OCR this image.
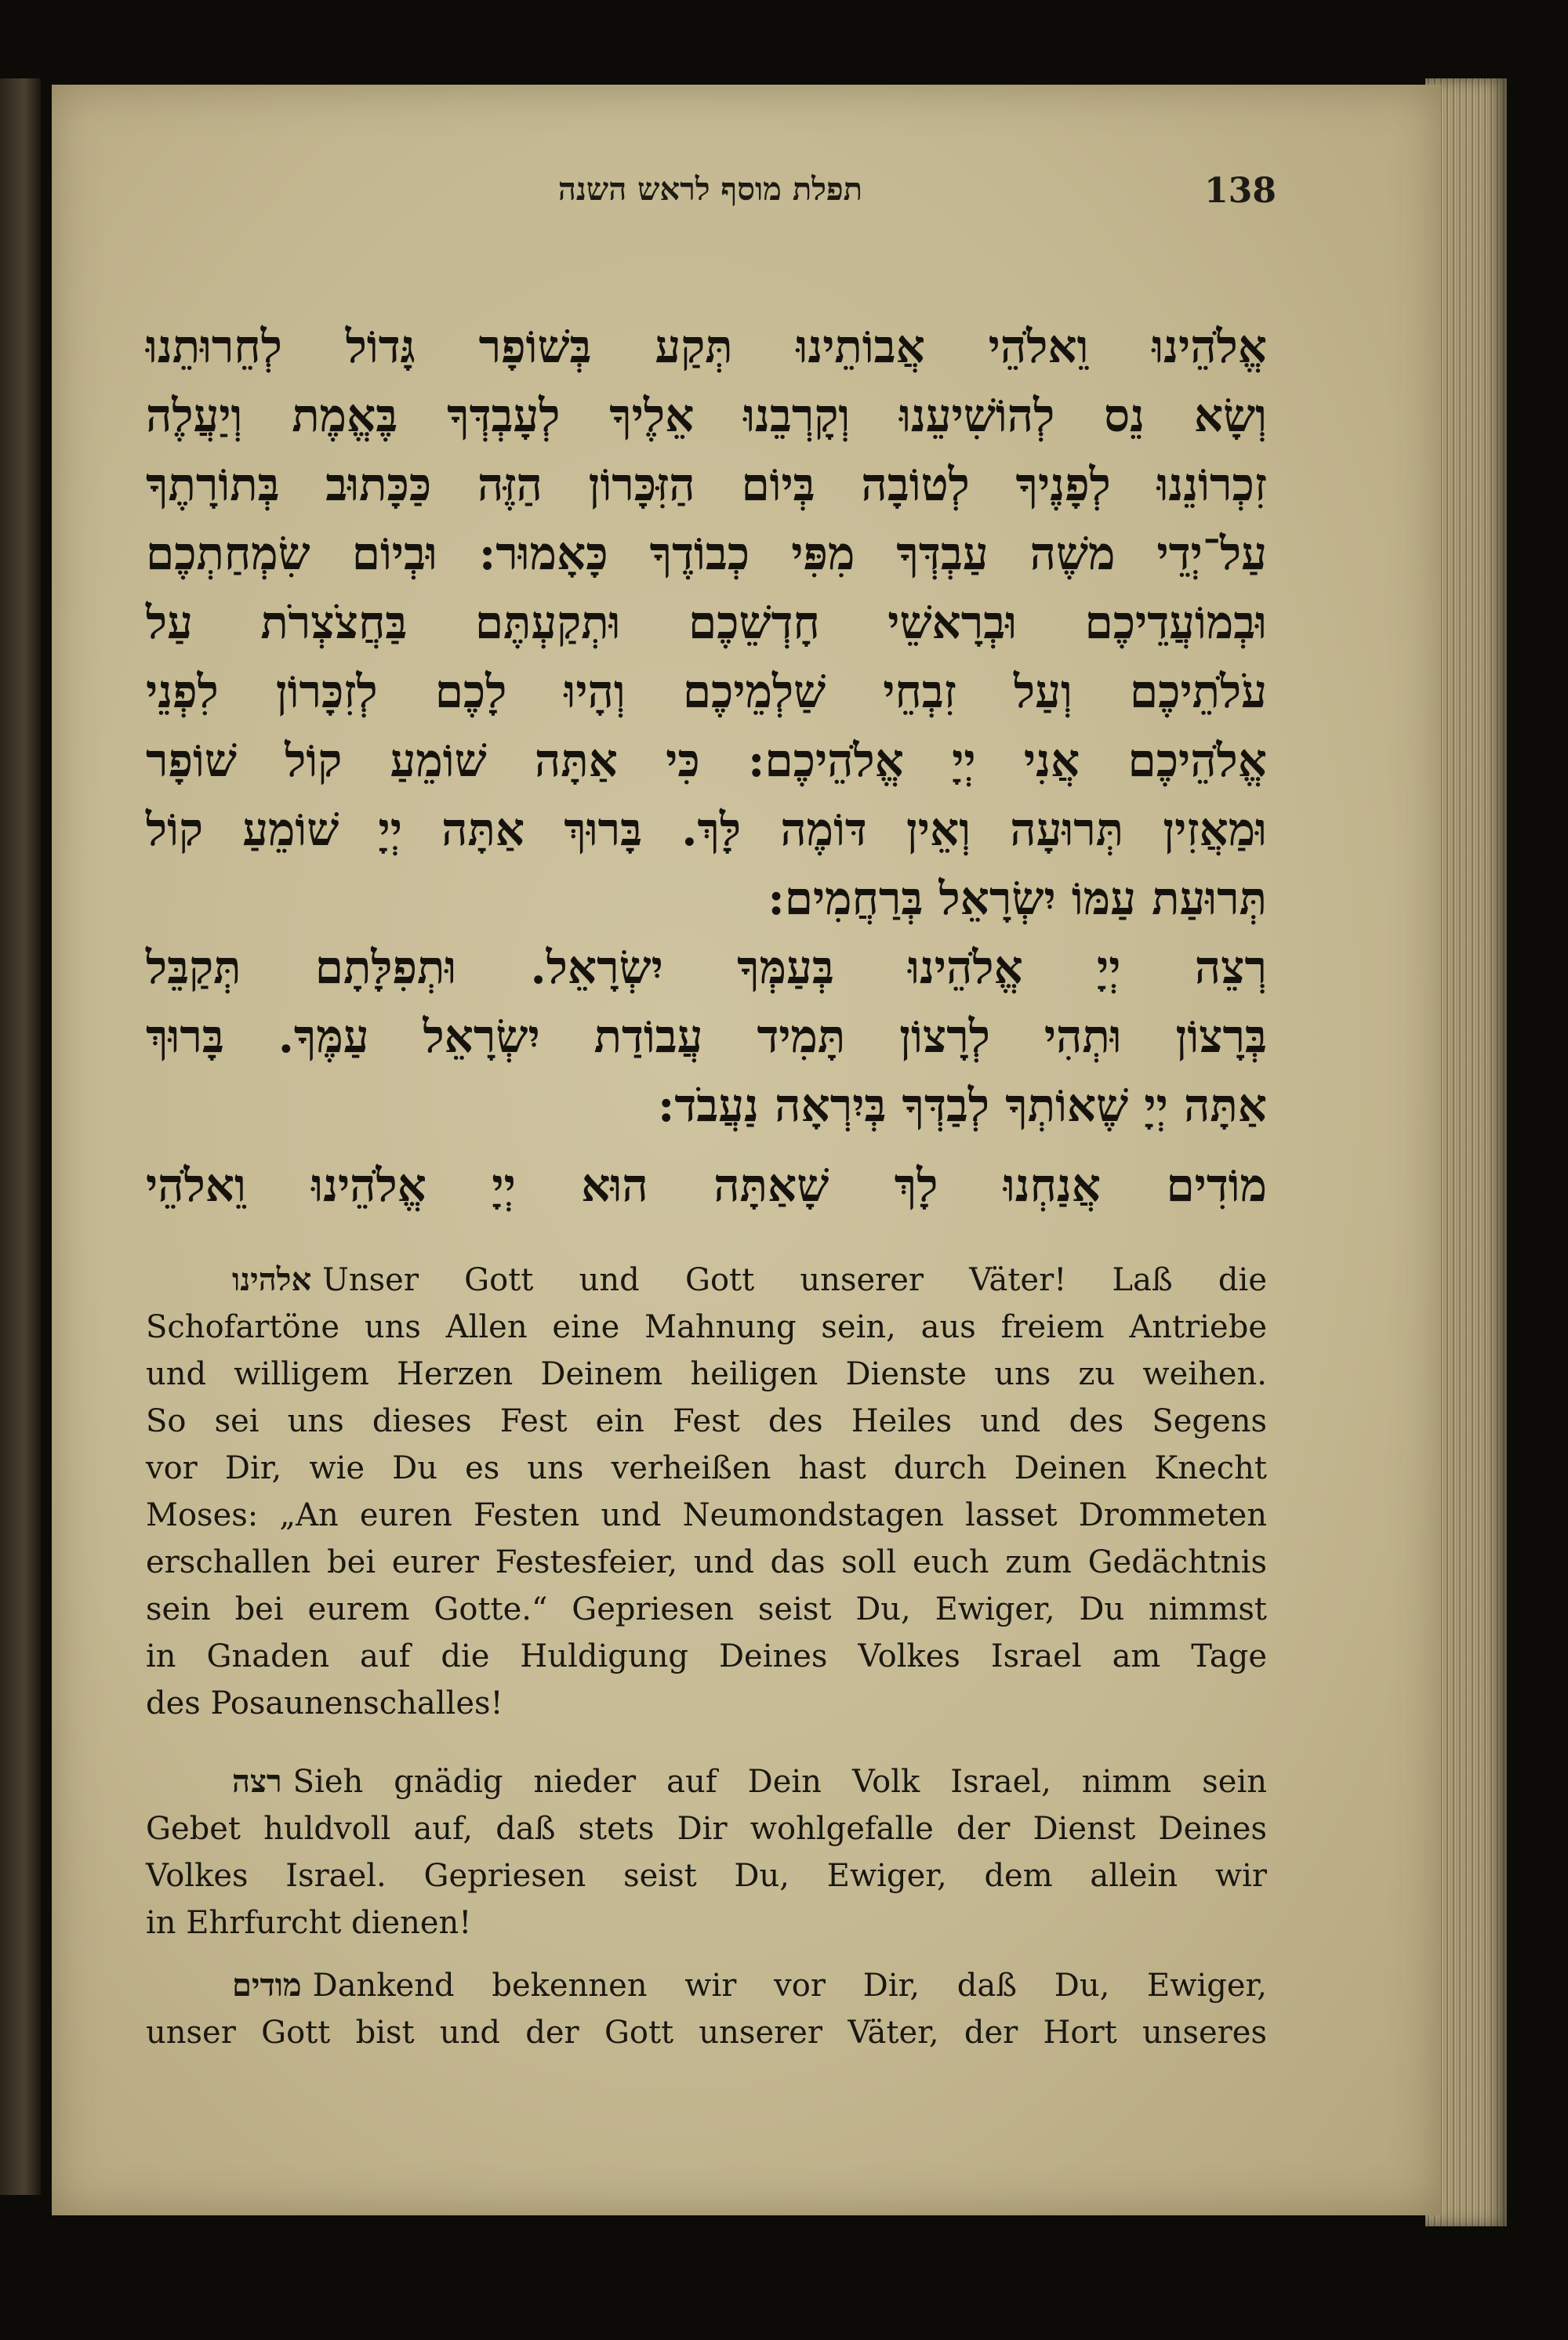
138
תפלת מוסף לראש השנה
אֱלֹהֵינוּ וֵאלֹהֵי אֲבוֹתֵינוּ תְּקַע בְּשׁוֹפָר גָּדוֹל לְחֵרוּתֵנוּ
וְשָׂא נֵס לְהוֹשִׁיעֵנוּ וְקָרְבֵנוּ אֵלֶיךָ לְעָבְדְּךָ בֶּאֱמֶת וְיַעֲלֶה
זִכְרוֹנֵנוּ לְפָנֶיךָ לְטוֹבָה בְּיוֹם הַזִּכָּרוֹן הַזֶּה כַּכָּתוּב בְּתוֹרָתֶךָ
עַל־יְדֵי משֶׁה עַבְדְּךָ מִפִּי כְבוֹדֶךָ כָּאָמוּר: וּבְיוֹם שִׂמְחַתְכֶם
וּבְמוֹעֲדֵיכֶם וּבְרָאשֵׁי חָדְשֵׁכֶם וּתְקַעְתֶּם בַּחֲצֹצְרֹת עַל
עֹלֹתֵיכֶם וְעַל זִבְחֵי שַׁלְמֵיכֶם וְהָיוּ לָכֶם לְזִכָּרוֹן לִפְנֵי
אֱלֹהֵיכֶם אֲנִי יְיָ אֱלֹהֵיכֶם: כִּי אַתָּה שׁוֹמֵעַ קוֹל שׁוֹפָר
וּמַאֲזִין תְּרוּעָה וְאֵין דּוֹמֶה לָּךְ. בָּרוּךְ אַתָּה יְיָ שׁוֹמֵעַ קוֹל
תְּרוּעַת עַמּוֹ יִשְׂרָאֵל בְּרַחֲמִים:
רְצֵה יְיָ אֱלֹהֵינוּ בְּעַמְּךָ יִשְׂרָאֵל. וּתְפִלָּתָם תְּקַבֵּל
בְּרָצוֹן וּתְהִי לְרָצוֹן תָּמִיד עֲבוֹדַת יִשְׂרָאֵל עַמֶּךָ. בָּרוּךְ
אַתָּה יְיָ שֶׁאוֹתְךָ לְבַדְּךָ בְּיִרְאָה נַעֲבֹד:
מוֹדִים אֲנַחְנוּ לָךְ שָׁאַתָּה הוּא יְיָ אֱלֹהֵינוּ וֵאלֹהֵי
אלהינו Unser Gott und Gott unserer Väter! Laß die
Schofartöne uns Allen eine Mahnung sein, aus freiem Antriebe
und willigem Herzen Deinem heiligen Dienste uns zu weihen.
So sei uns dieses Fest ein Fest des Heiles und des Segens
vor Dir, wie Du es uns verheißen hast durch Deinen Knecht
Moses: „An euren Festen und Neumondstagen lasset Drommeten
erschallen bei eurer Festesfeier, und das soll euch zum Gedächtnis
sein bei eurem Gotte.“ Gepriesen seist Du, Ewiger, Du nimmst
in Gnaden auf die Huldigung Deines Volkes Israel am Tage
des Posaunenschalles!
רצה Sieh gnädig nieder auf Dein Volk Israel, nimm sein
Gebet huldvoll auf, daß stets Dir wohlgefalle der Dienst Deines
Volkes Israel. Gepriesen seist Du, Ewiger, dem allein wir
in Ehrfurcht dienen!
מודים Dankend bekennen wir vor Dir, daß Du, Ewiger,
unser Gott bist und der Gott unserer Väter, der Hort unseres
